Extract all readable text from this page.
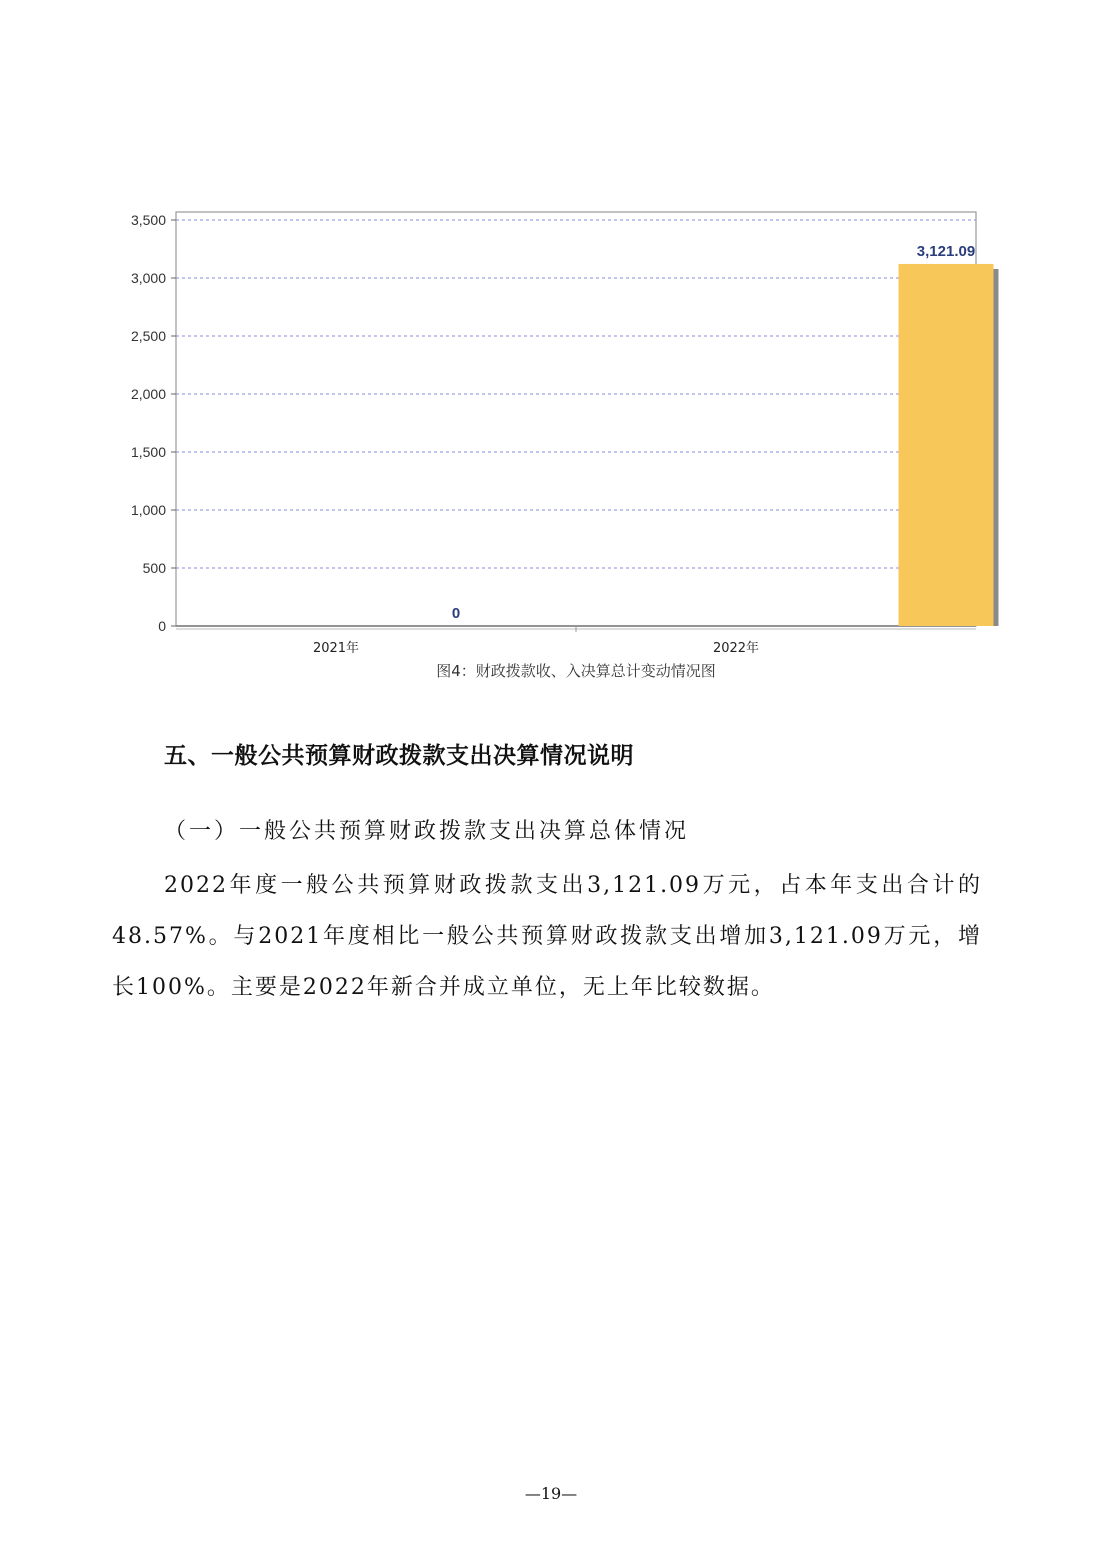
0
500
1,000
1,500
2,000
2,500
3,000
3,500
0
2021年
3,121.09
2022年
图4：财政拨款收、入决算总计变动情况图
五、一般公共预算财政拨款支出决算情况说明
（一）一般公共预算财政拨款支出决算总体情况
2022年度一般公共预算财政拨款支出3,121.09万元，占本年支出合计的48.57%。与2021年度相比一般公共预算财政拨款支出增加3,121.09万元，增长100%。主要是2022年新合并成立单位，无上年比较数据。
—19—
